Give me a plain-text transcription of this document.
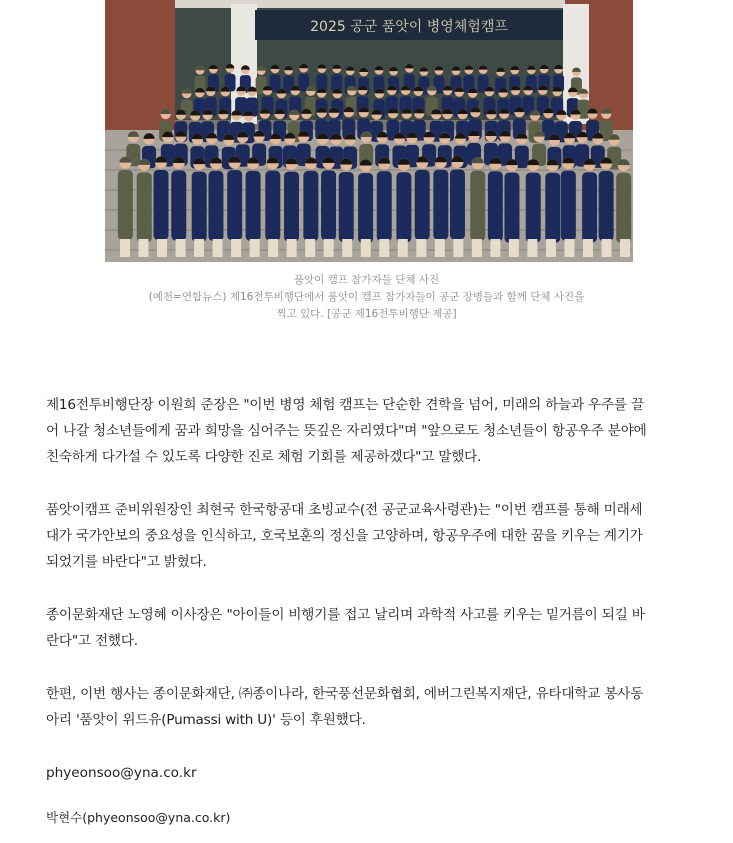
2025 공군 품앗이 병영체험캠프
품앗이 캠프 참가자들 단체 사진
(예천=연합뉴스) 제16전투비행단에서 품앗이 캠프 참가자들이 공군 장병들과 함께 단체 사진을
찍고 있다. [공군 제16전투비행단 제공]

제16전투비행단장 이원희 준장은 "이번 병영 체험 캠프는 단순한 견학을 넘어, 미래의 하늘과 우주를 끌
어 나갈 청소년들에게 꿈과 희망을 심어주는 뜻깊은 자리였다"며 "앞으로도 청소년들이 항공우주 분야에
친숙하게 다가설 수 있도록 다양한 진로 체험 기회를 제공하겠다"고 말했다.

품앗이캠프 준비위원장인 최현국 한국항공대 초빙교수(전 공군교육사령관)는 "이번 캠프를 통해 미래세
대가 국가안보의 중요성을 인식하고, 호국보훈의 정신을 고양하며, 항공우주에 대한 꿈을 키우는 계기가
되었기를 바란다"고 밝혔다.

종이문화재단 노영혜 이사장은 "아이들이 비행기를 접고 날리며 과학적 사고를 키우는 밑거름이 되길 바
란다"고 전했다.

한편, 이번 행사는 종이문화재단, ㈜종이나라, 한국풍선문화협회, 에버그린복지재단, 유타대학교 봉사동
아리 '품앗이 위드유(Pumassi with U)' 등이 후원했다.

phyeonsoo@yna.co.kr
박현수(phyeonsoo@yna.co.kr)
